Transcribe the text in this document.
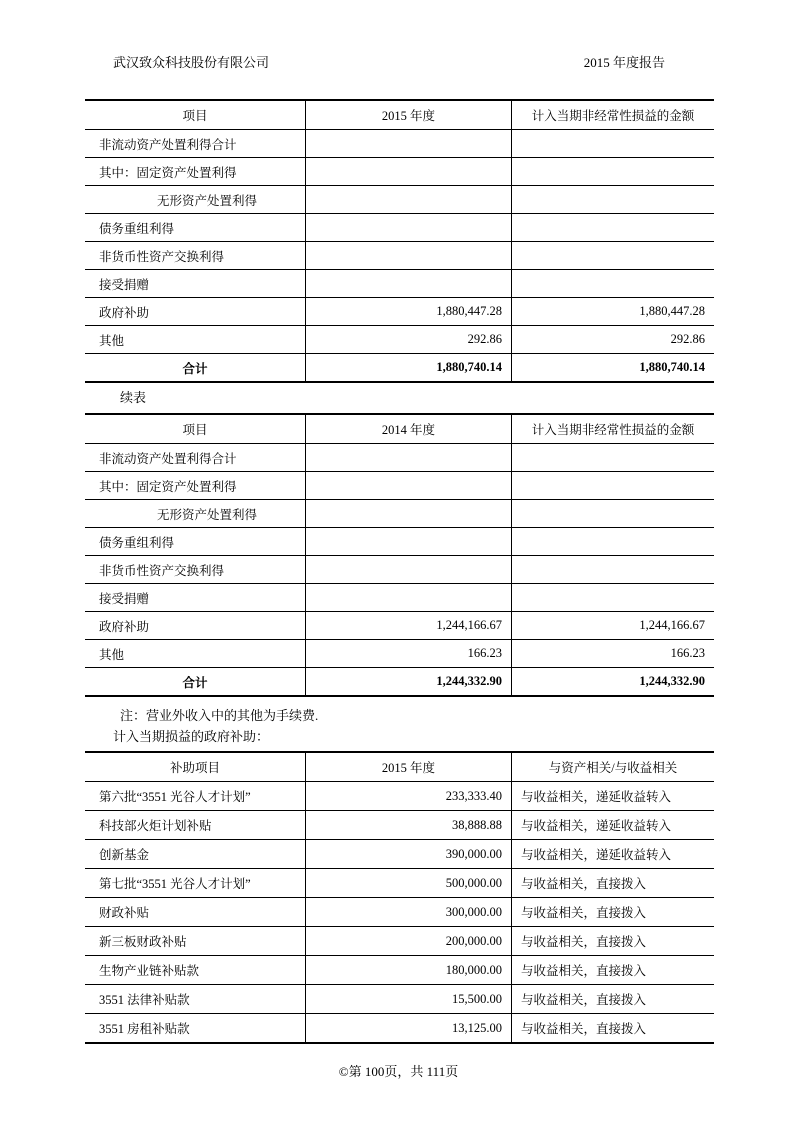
武汉致众科技股份有限公司	2015 年度报告
项目	2015 年度	计入当期非经常性损益的金额
非流动资产处置利得合计		
其中：固定资产处置利得		
无形资产处置利得		
债务重组利得		
非货币性资产交换利得		
接受捐赠		
政府补助	1,880,447.28	1,880,447.28
其他	292.86	292.86
合计	1,880,740.14	1,880,740.14
续表
项目	2014 年度	计入当期非经常性损益的金额
非流动资产处置利得合计		
其中：固定资产处置利得		
无形资产处置利得		
债务重组利得		
非货币性资产交换利得		
接受捐赠		
政府补助	1,244,166.67	1,244,166.67
其他	166.23	166.23
合计	1,244,332.90	1,244,332.90
注：营业外收入中的其他为手续费.
计入当期损益的政府补助：
补助项目	2015 年度	与资产相关/与收益相关
第六批“3551 光谷人才计划”	233,333.40	与收益相关，递延收益转入
科技部火炬计划补贴	38,888.88	与收益相关，递延收益转入
创新基金	390,000.00	与收益相关，递延收益转入
第七批“3551 光谷人才计划”	500,000.00	与收益相关，直接拨入
财政补贴	300,000.00	与收益相关，直接拨入
新三板财政补贴	200,000.00	与收益相关，直接拨入
生物产业链补贴款	180,000.00	与收益相关，直接拨入
3551 法律补贴款	15,500.00	与收益相关，直接拨入
3551 房租补贴款	13,125.00	与收益相关，直接拨入
©第 100页，共 111页
